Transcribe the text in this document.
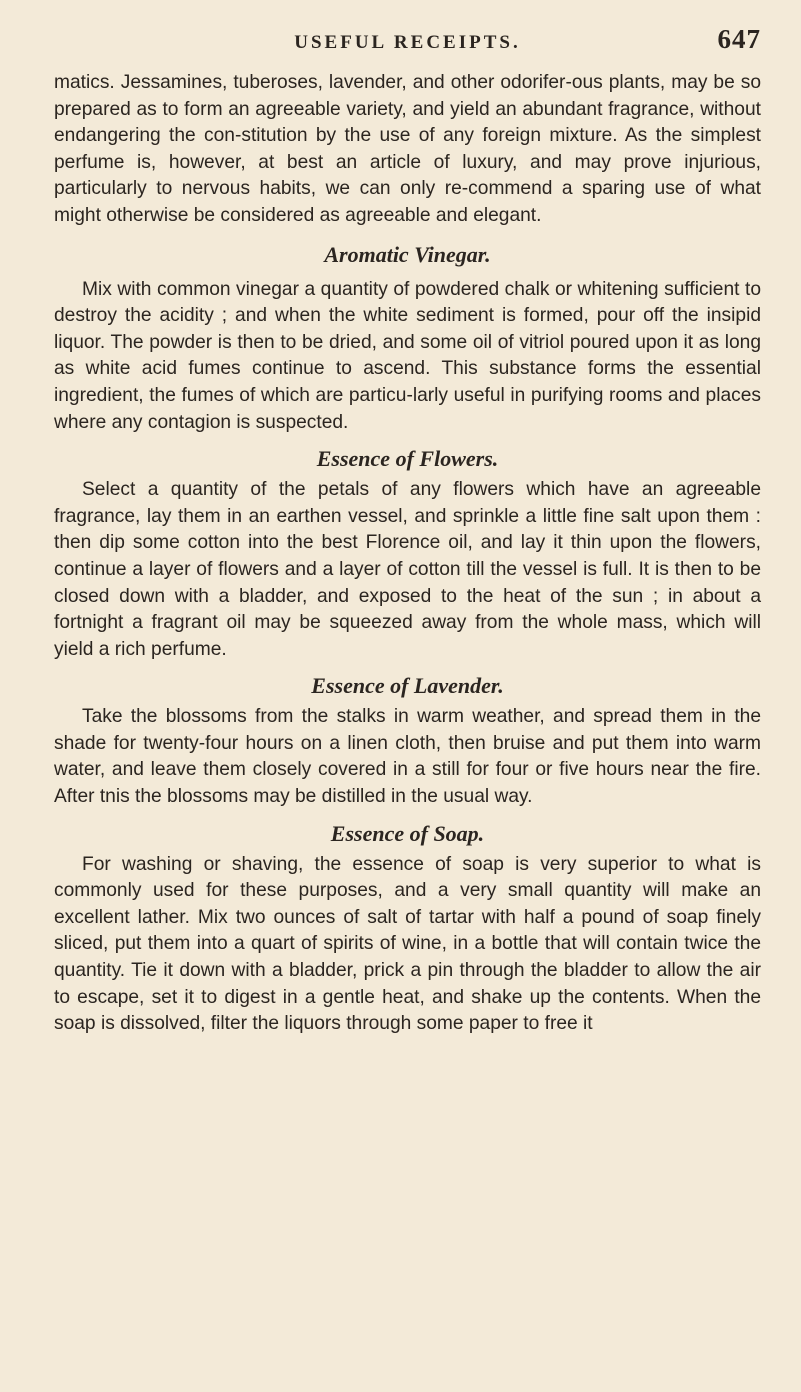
USEFUL RECEIPTS.	647

matics. Jessamines, tuberoses, lavender, and other odorifer-ous plants, may be so prepared as to form an agreeable variety, and yield an abundant fragrance, without endangering the con-stitution by the use of any foreign mixture. As the simplest perfume is, however, at best an article of luxury, and may prove injurious, particularly to nervous habits, we can only re-commend a sparing use of what might otherwise be considered as agreeable and elegant.

Aromatic Vinegar.

Mix with common vinegar a quantity of powdered chalk or whitening sufficient to destroy the acidity ; and when the white sediment is formed, pour off the insipid liquor. The powder is then to be dried, and some oil of vitriol poured upon it as long as white acid fumes continue to ascend. This substance forms the essential ingredient, the fumes of which are particu-larly useful in purifying rooms and places where any contagion is suspected.

Essence of Flowers.

Select a quantity of the petals of any flowers which have an agreeable fragrance, lay them in an earthen vessel, and sprinkle a little fine salt upon them : then dip some cotton into the best Florence oil, and lay it thin upon the flowers, continue a layer of flowers and a layer of cotton till the vessel is full. It is then to be closed down with a bladder, and exposed to the heat of the sun ; in about a fortnight a fragrant oil may be squeezed away from the whole mass, which will yield a rich perfume.

Essence of Lavender.

Take the blossoms from the stalks in warm weather, and spread them in the shade for twenty-four hours on a linen cloth, then bruise and put them into warm water, and leave them closely covered in a still for four or five hours near the fire. After tnis the blossoms may be distilled in the usual way.

Essence of Soap.

For washing or shaving, the essence of soap is very superior to what is commonly used for these purposes, and a very small quantity will make an excellent lather. Mix two ounces of salt of tartar with half a pound of soap finely sliced, put them into a quart of spirits of wine, in a bottle that will contain twice the quantity. Tie it down with a bladder, prick a pin through the bladder to allow the air to escape, set it to digest in a gentle heat, and shake up the contents. When the soap is dissolved, filter the liquors through some paper to free it
